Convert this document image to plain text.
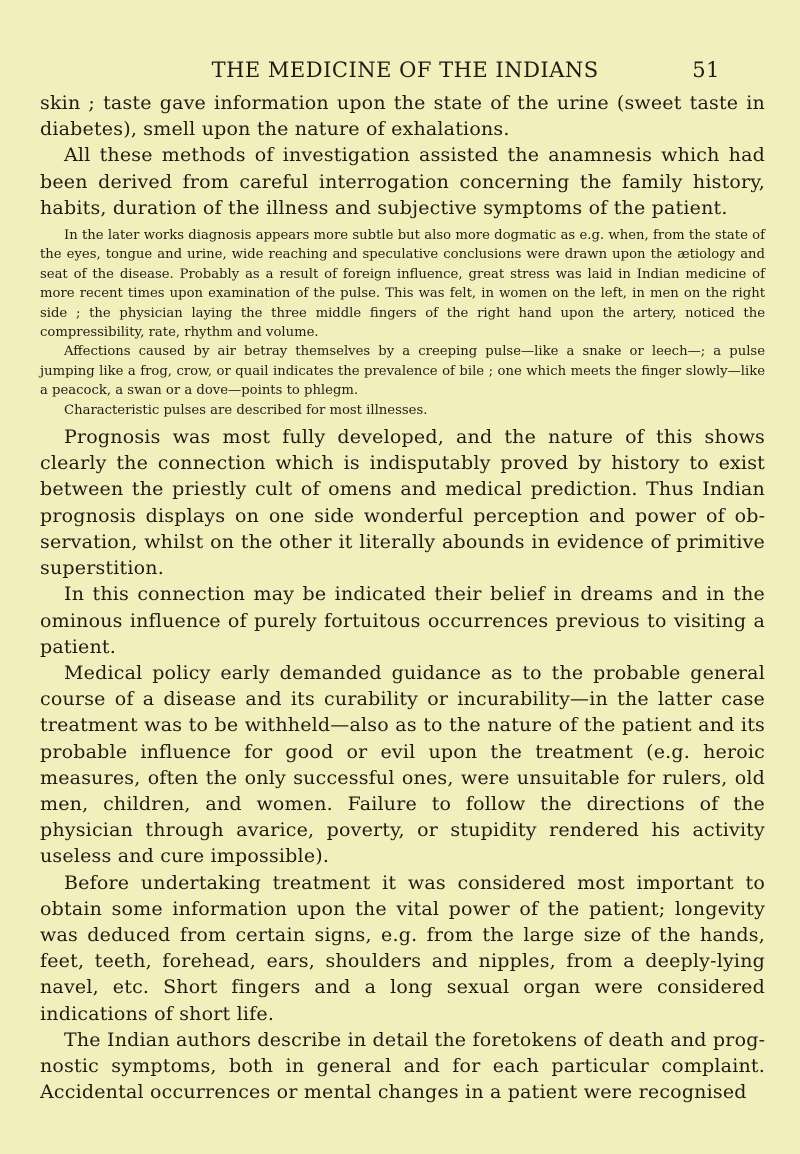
THE MEDICINE OF THE INDIANS	51

skin ; taste gave information upon the state of the urine (sweet taste in diabetes), smell upon the nature of exhalations.

All these methods of investigation assisted the anamnesis which had been derived from careful interrogation concerning the family history, habits, duration of the illness and subjective symptoms of the patient.

In the later works diagnosis appears more subtle but also more dogmatic as e.g. when, from the state of the eyes, tongue and urine, wide reaching and speculative conclusions were drawn upon the ætiology and seat of the disease. Probably as a result of foreign influence, great stress was laid in Indian medicine of more recent times upon examination of the pulse. This was felt, in women on the left, in men on the right side ; the physician laying the three middle fingers of the right hand upon the artery, noticed the compressibility, rate, rhythm and volume.

Affections caused by air betray themselves by a creeping pulse—like a snake or leech—; a pulse jumping like a frog, crow, or quail indicates the prevalence of bile ; one which meets the finger slowly—like a peacock, a swan or a dove—points to phlegm.

Characteristic pulses are described for most illnesses.

Prognosis was most fully developed, and the nature of this shows clearly the connection which is indisputably proved by history to exist between the priestly cult of omens and medical prediction. Thus Indian prognosis displays on one side wonderful perception and power of observation, whilst on the other it literally abounds in evidence of primitive superstition.

In this connection may be indicated their belief in dreams and in the ominous influence of purely fortuitous occurrences previous to visiting a patient.

Medical policy early demanded guidance as to the probable general course of a disease and its curability or incurability—in the latter case treatment was to be withheld—also as to the nature of the patient and its probable influence for good or evil upon the treatment (e.g. heroic measures, often the only successful ones, were unsuitable for rulers, old men, children, and women. Failure to follow the directions of the physician through avarice, poverty, or stupidity rendered his activity useless and cure impossible).

Before undertaking treatment it was considered most important to obtain some information upon the vital power of the patient; longevity was deduced from certain signs, e.g. from the large size of the hands, feet, teeth, forehead, ears, shoulders and nipples, from a deeply-lying navel, etc. Short fingers and a long sexual organ were considered indications of short life.

The Indian authors describe in detail the foretokens of death and prognostic symptoms, both in general and for each particular complaint. Accidental occurrences or mental changes in a patient were recognised
